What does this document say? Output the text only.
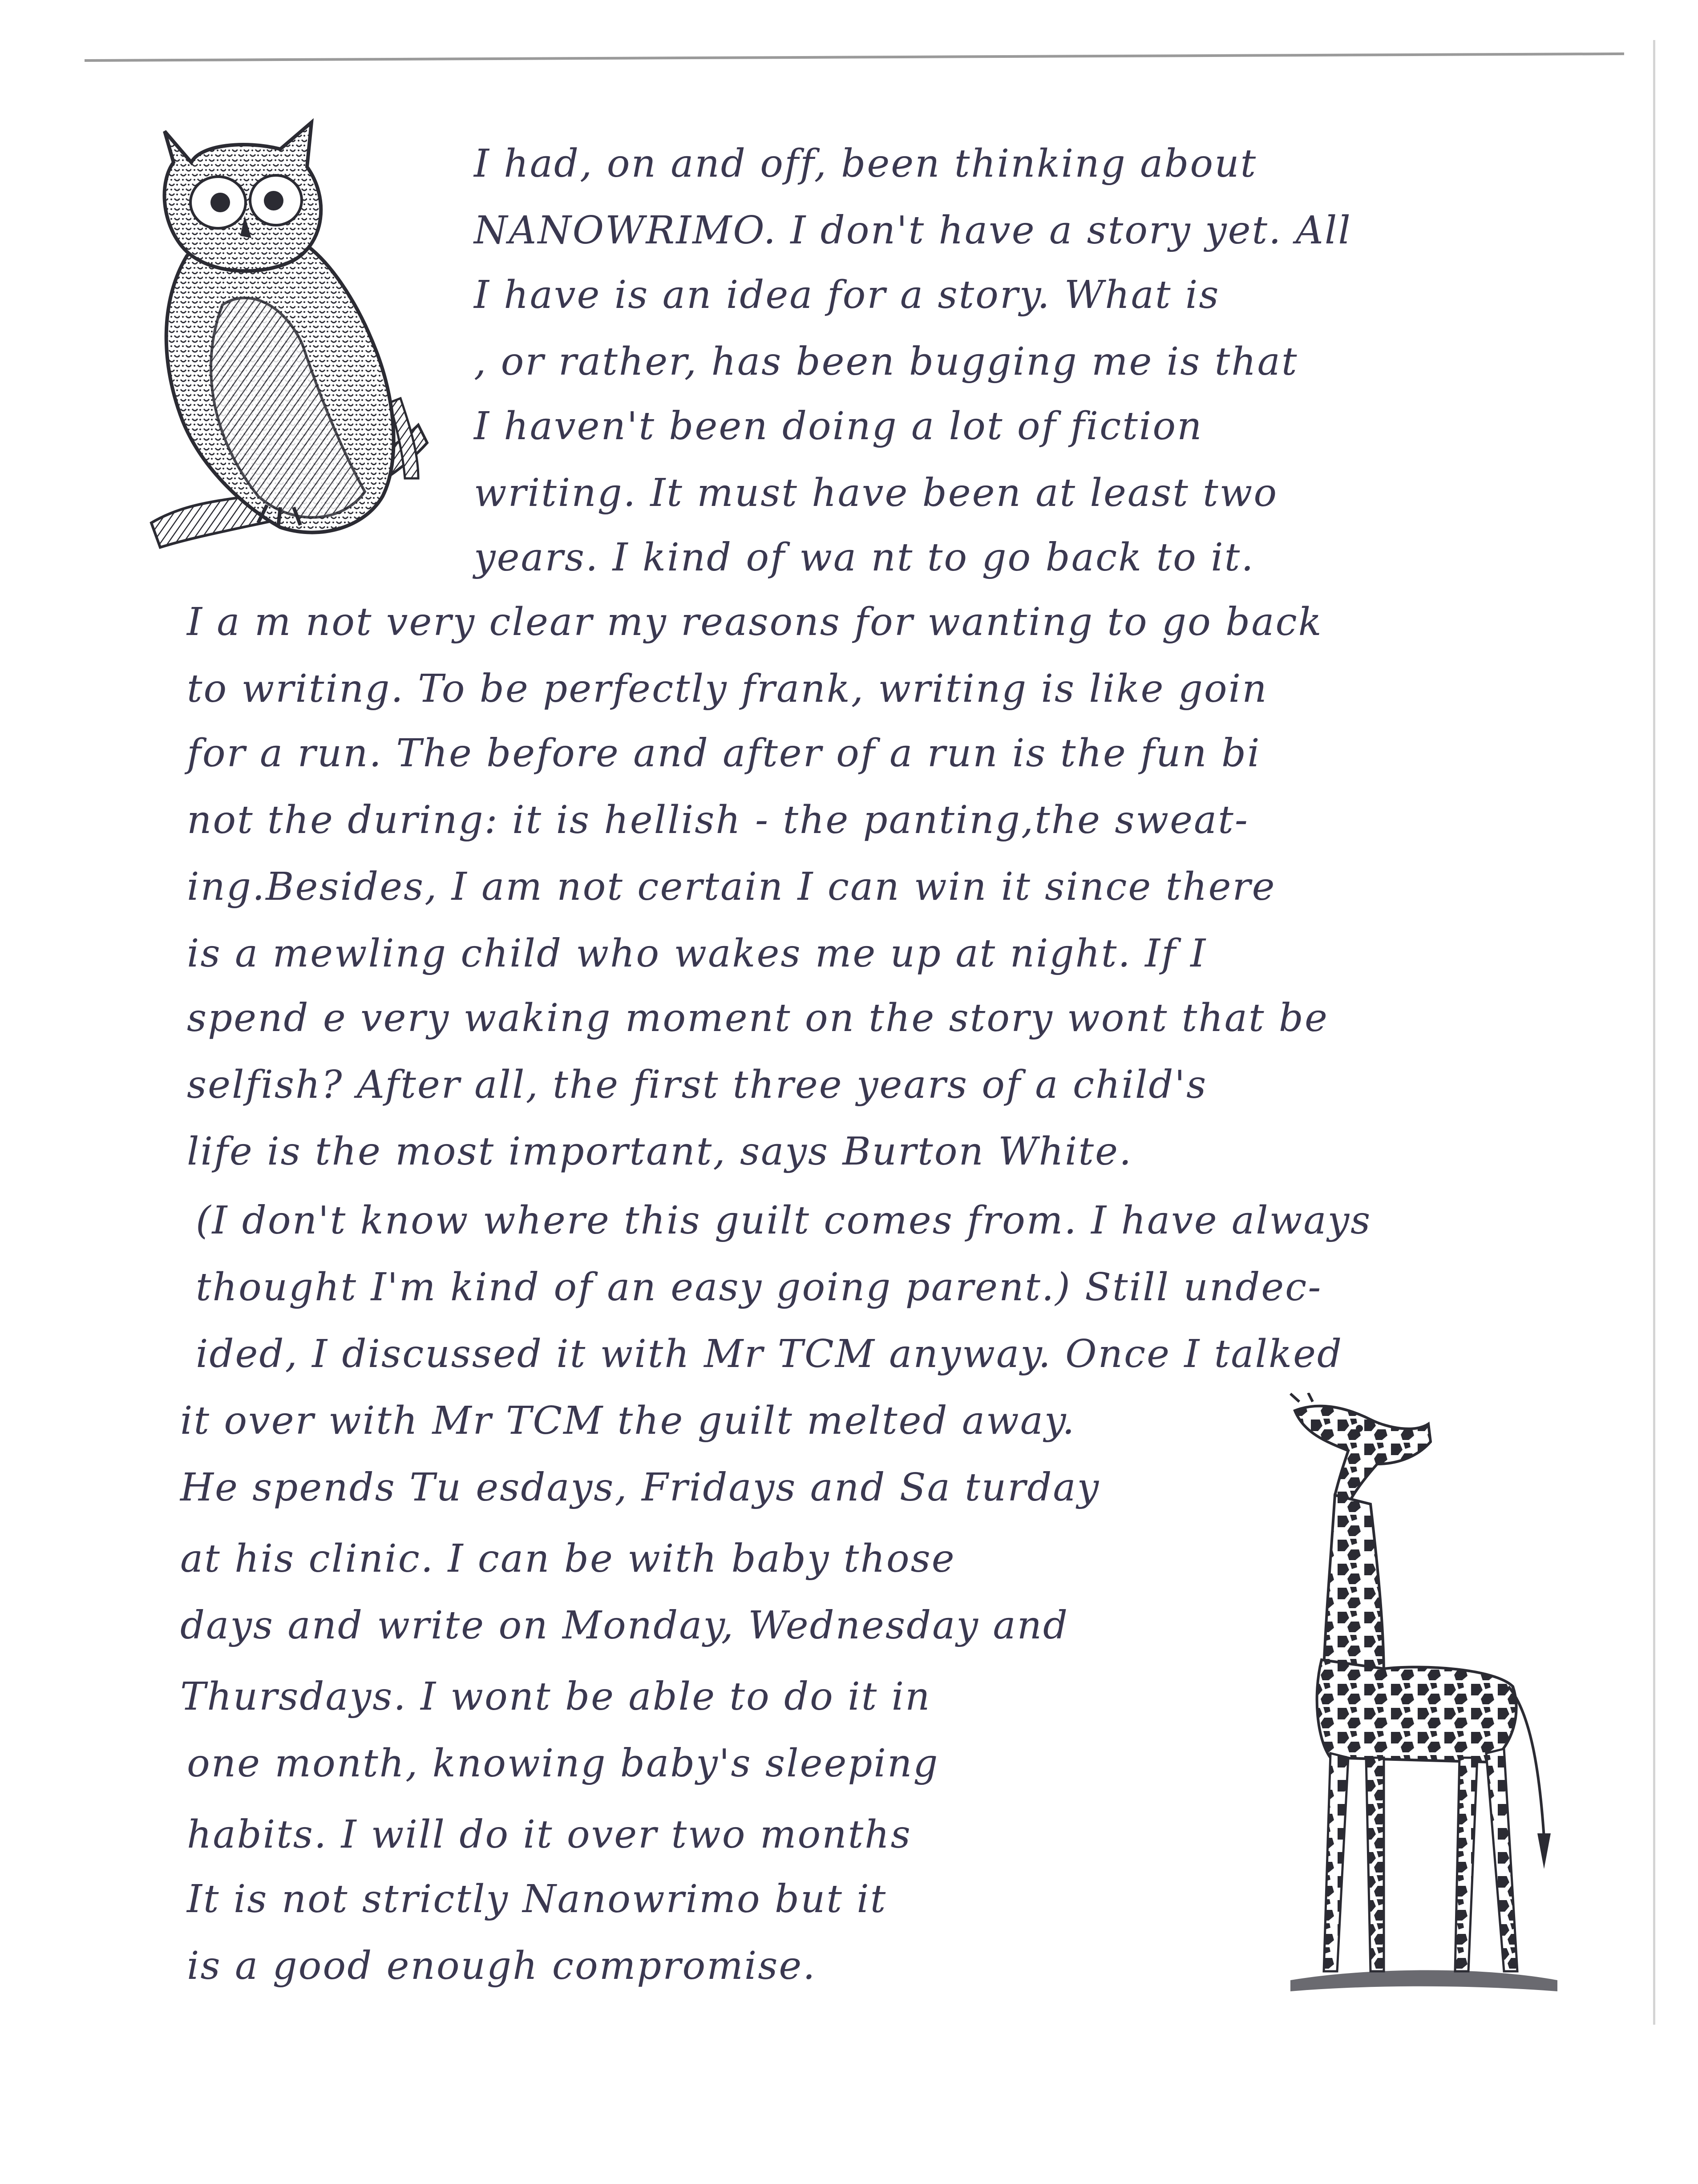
I had, on and off, been thinking about

NANOWRIMO. I don't have a story yet. All

I have is an idea for a story. What is

, or rather, has been bugging me is that

I haven't been doing a lot of fiction

writing. It must have been at least two

years. I kind of wa nt to go back to it.

I a m not very clear my reasons for wanting to go back

to writing. To be perfectly frank, writing is like goin

for a run. The before and after of a run is the fun bi

not the during: it is hellish - the panting,the sweat-

ing.Besides, I am not certain I can win it since there

is a mewling child who wakes me up at night. If I

spend e very waking moment on the story wont that be

selfish? After all, the first three years of a child's

life is the most important, says Burton White.

(I don't know where this guilt comes from. I have always

thought I'm kind of an easy going parent.) Still undec-

ided, I discussed it with Mr TCM anyway. Once I talked

it over with Mr TCM the guilt melted away.

He spends Tu esdays, Fridays and Sa turday

at his clinic. I can be with baby those

days and write on Monday, Wednesday and

Thursdays. I wont be able to do it in

one month, knowing baby's sleeping

habits. I will do it over two months

It is not strictly Nanowrimo but it

is a good enough compromise.
